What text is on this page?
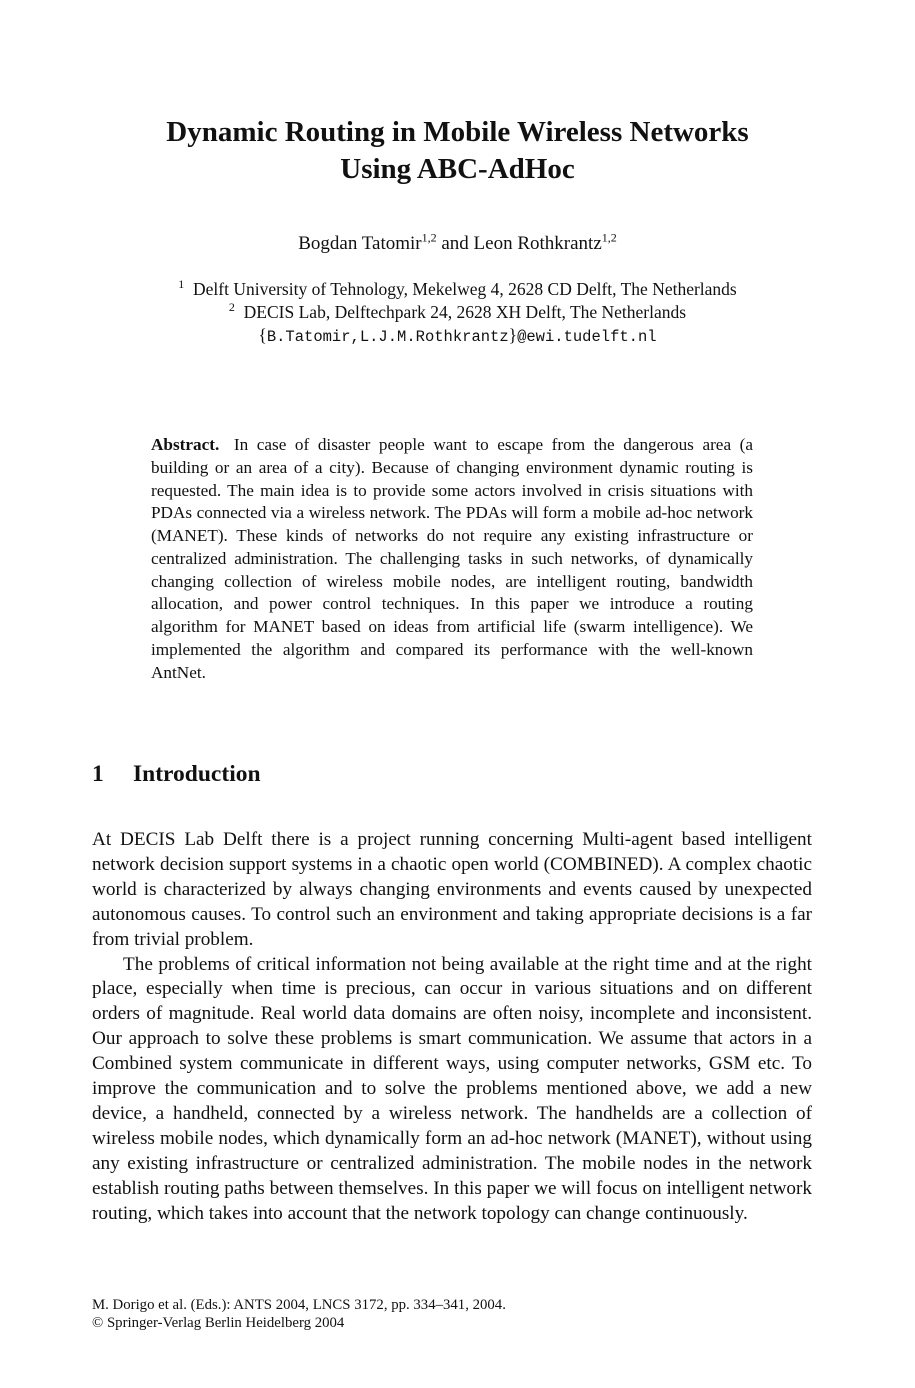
Dynamic Routing in Mobile Wireless Networks
Using ABC-AdHoc
Bogdan Tatomir$^{1,2}$ and Leon Rothkrantz$^{1,2}$
$^1$ Delft University of Tehnology, Mekelweg 4, 2628 CD Delft, The Netherlands
$^2$ DECIS Lab, Delftechpark 24, 2628 XH Delft, The Netherlands
{B.Tatomir,L.J.M.Rothkrantz}@ewi.tudelft.nl
Abstract. In case of disaster people want to escape from the dangerous area (a building or an area of a city). Because of changing environment dynamic routing is requested. The main idea is to provide some actors involved in crisis situations with PDAs connected via a wireless network. The PDAs will form a mobile ad-hoc network (MANET). These kinds of networks do not require any existing infrastructure or centralized administration. The challenging tasks in such networks, of dynamically changing collection of wireless mobile nodes, are intelligent routing, bandwidth allocation, and power control techniques. In this paper we introduce a routing algorithm for MANET based on ideas from artificial life (swarm intelligence). We implemented the algorithm and compared its performance with the well-known AntNet.
1 Introduction

At DECIS Lab Delft there is a project running concerning Multi-agent based intelligent network decision support systems in a chaotic open world (COMBINED). A complex chaotic world is characterized by always changing environments and events caused by unexpected autonomous causes. To control such an environment and taking appropriate decisions is a far from trivial problem.

The problems of critical information not being available at the right time and at the right place, especially when time is precious, can occur in various situations and on different orders of magnitude. Real world data domains are often noisy, incomplete and inconsistent. Our approach to solve these problems is smart communication. We assume that actors in a Combined system communicate in different ways, using computer networks, GSM etc. To improve the communication and to solve the problems mentioned above, we add a new device, a handheld, connected by a wireless network. The handhelds are a collection of wireless mobile nodes, which dynamically form an ad-hoc network (MANET), without using any existing infrastructure or centralized administration. The mobile nodes in the network establish routing paths between themselves. In this paper we will focus on intelligent network routing, which takes into account that the network topology can change continuously.

M. Dorigo et al. (Eds.): ANTS 2004, LNCS 3172, pp. 334–341, 2004.
© Springer-Verlag Berlin Heidelberg 2004
